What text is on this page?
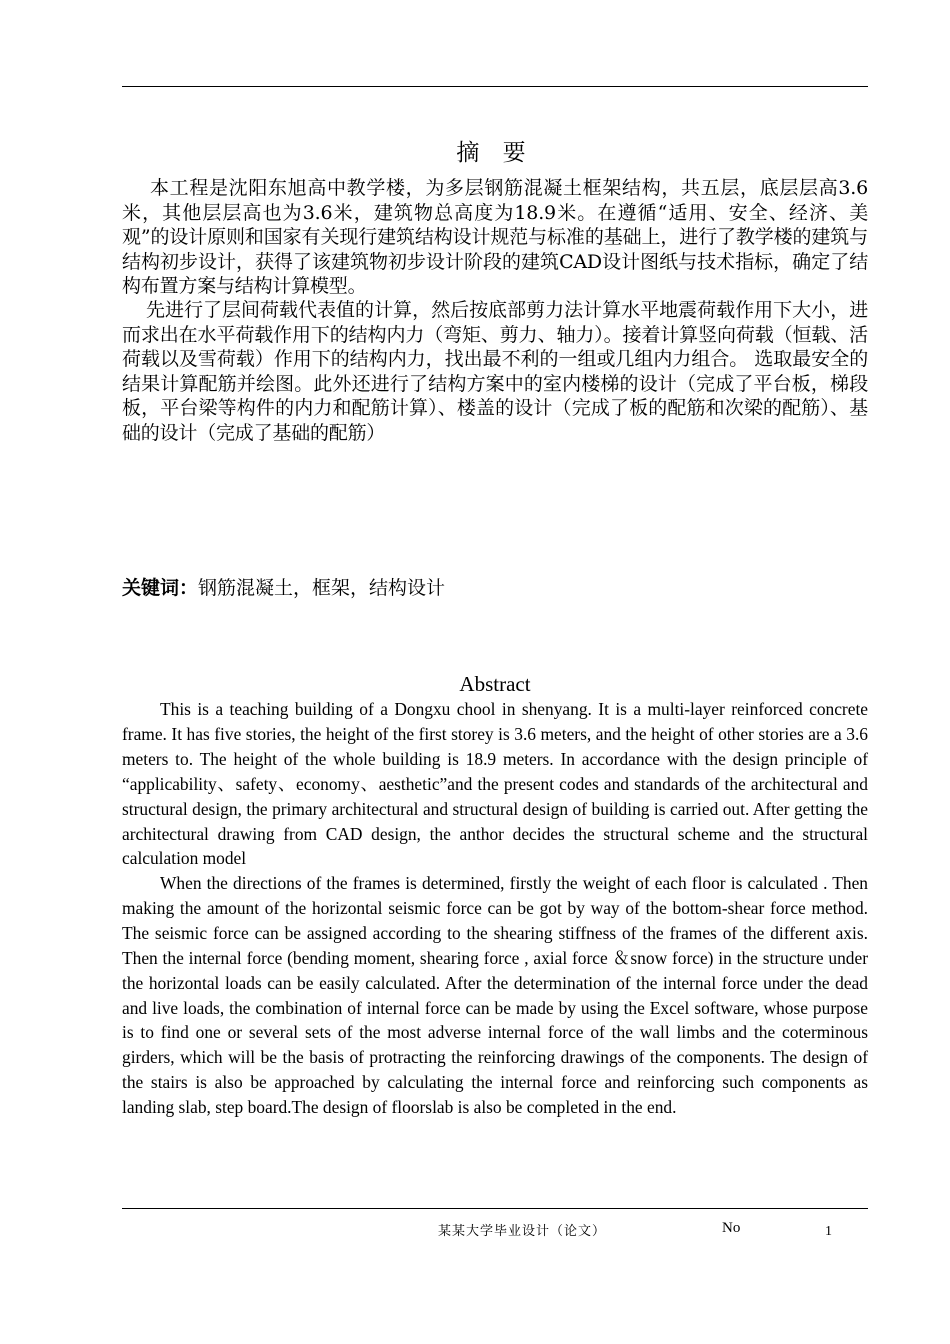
摘 要

本工程是沈阳东旭高中教学楼，为多层钢筋混凝土框架结构，共五层，底层层高3.6米，其他层层高也为3.6米，建筑物总高度为18.9米。在遵循“适用、安全、经济、美观”的设计原则和国家有关现行建筑结构设计规范与标准的基础上，进行了教学楼的建筑与结构初步设计，获得了该建筑物初步设计阶段的建筑CAD设计图纸与技术指标，确定了结构布置方案与结构计算模型。

先进行了层间荷载代表值的计算，然后按底部剪力法计算水平地震荷载作用下大小，进而求出在水平荷载作用下的结构内力（弯矩、剪力、轴力）。接着计算竖向荷载（恒载、活荷载以及雪荷载）作用下的结构内力，找出最不利的一组或几组内力组合。 选取最安全的结果计算配筋并绘图。此外还进行了结构方案中的室内楼梯的设计（完成了平台板，梯段板，平台梁等构件的内力和配筋计算）、楼盖的设计（完成了板的配筋和次梁的配筋）、基础的设计（完成了基础的配筋）

关键词：钢筋混凝土，框架，结构设计
Abstract

This is a teaching building of a Dongxu chool in shenyang. It is a multi-layer reinforced concrete frame. It has five stories, the height of the first storey is 3.6 meters, and the height of other stories are a 3.6 meters to. The height of the whole building is 18.9 meters. In accordance with the design principle of “applicability、safety、economy、aesthetic”and the present codes and standards of the architectural and structural design, the primary architectural and structural design of building is carried out. After getting the architectural drawing from CAD design, the anthor decides the structural scheme and the structural calculation model

When the directions of the frames is determined, firstly the weight of each floor is calculated . Then making the amount of the horizontal seismic force can be got by way of the bottom-shear force method. The seismic force can be assigned according to the shearing stiffness of the frames of the different axis. Then the internal force (bending moment, shearing force , axial force ＆snow force) in the structure under the horizontal loads can be easily calculated. After the determination of the internal force under the dead and live loads, the combination of internal force can be made by using the Excel software, whose purpose is to find one or several sets of the most adverse internal force of the wall limbs and the coterminous girders, which will be the basis of protracting the reinforcing drawings of the components. The design of the stairs is also be approached by calculating the internal force and reinforcing such components as landing slab, step board.The design of floorslab is also be completed in the end.

某某大学毕业设计（论文）	No	1
